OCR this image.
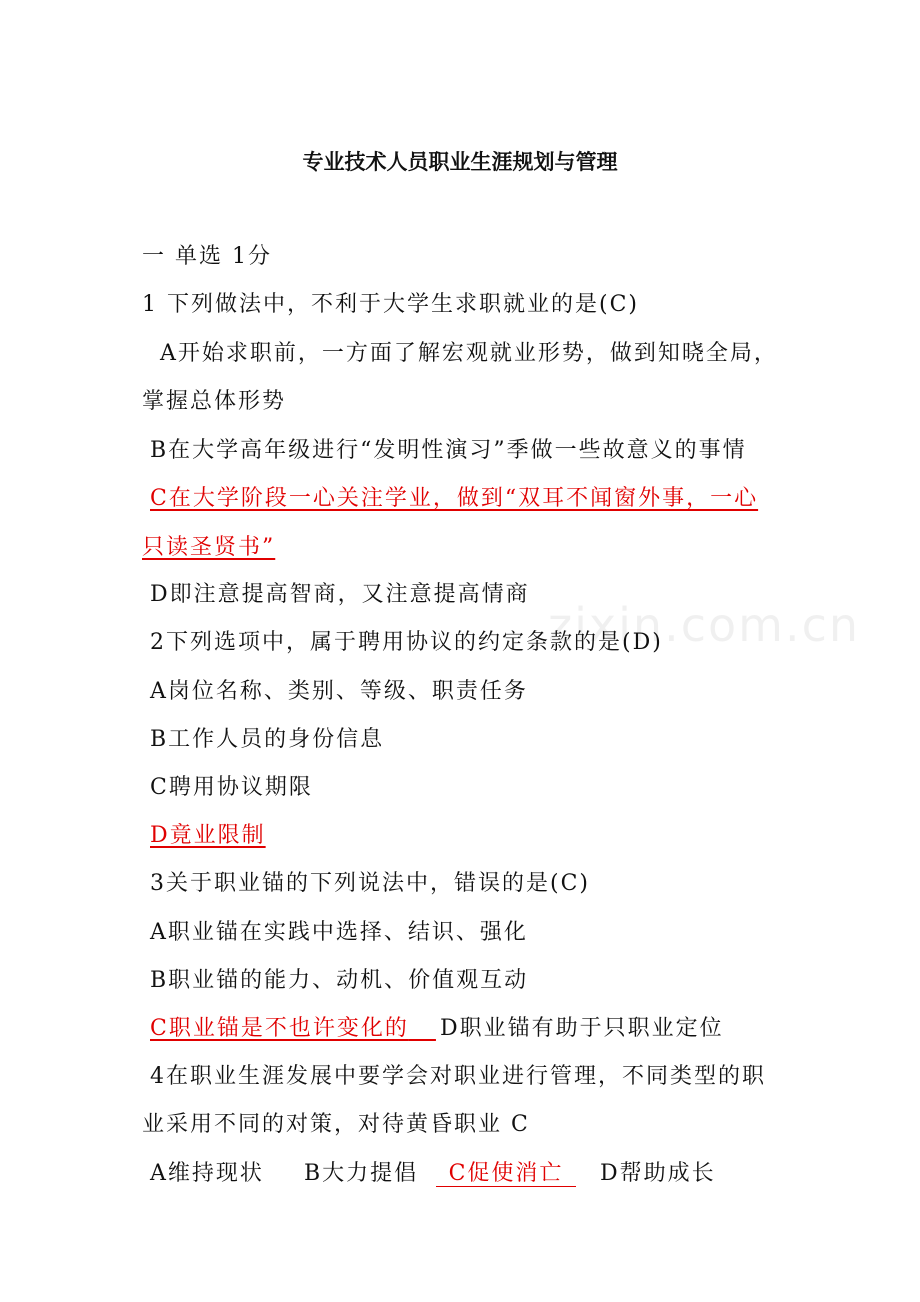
zixin.com.cn
专业技术人员职业生涯规划与管理
一 单选 1分
1 下列做法中，不利于大学生求职就业的是(C)
A开始求职前，一方面了解宏观就业形势，做到知晓全局，
掌握总体形势
B在大学高年级进行“发明性演习”季做一些故意义的事情
C在大学阶段一心关注学业，做到“双耳不闻窗外事，一心
只读圣贤书”
D即注意提高智商，又注意提高情商
2下列选项中，属于聘用协议的约定条款的是(D)
A岗位名称、类别、等级、职责任务
B工作人员的身份信息
C聘用协议期限
D竟业限制
3关于职业锚的下列说法中，错误的是(C)
A职业锚在实践中选择、结识、强化
B职业锚的能力、动机、价值观互动
C职业锚是不也许变化的	D职业锚有助于只职业定位
4在职业生涯发展中要学会对职业进行管理，不同类型的职
业采用不同的对策，对待黄昏职业 C
A维持现状 B大力提倡	C促使消亡	D帮助成长
